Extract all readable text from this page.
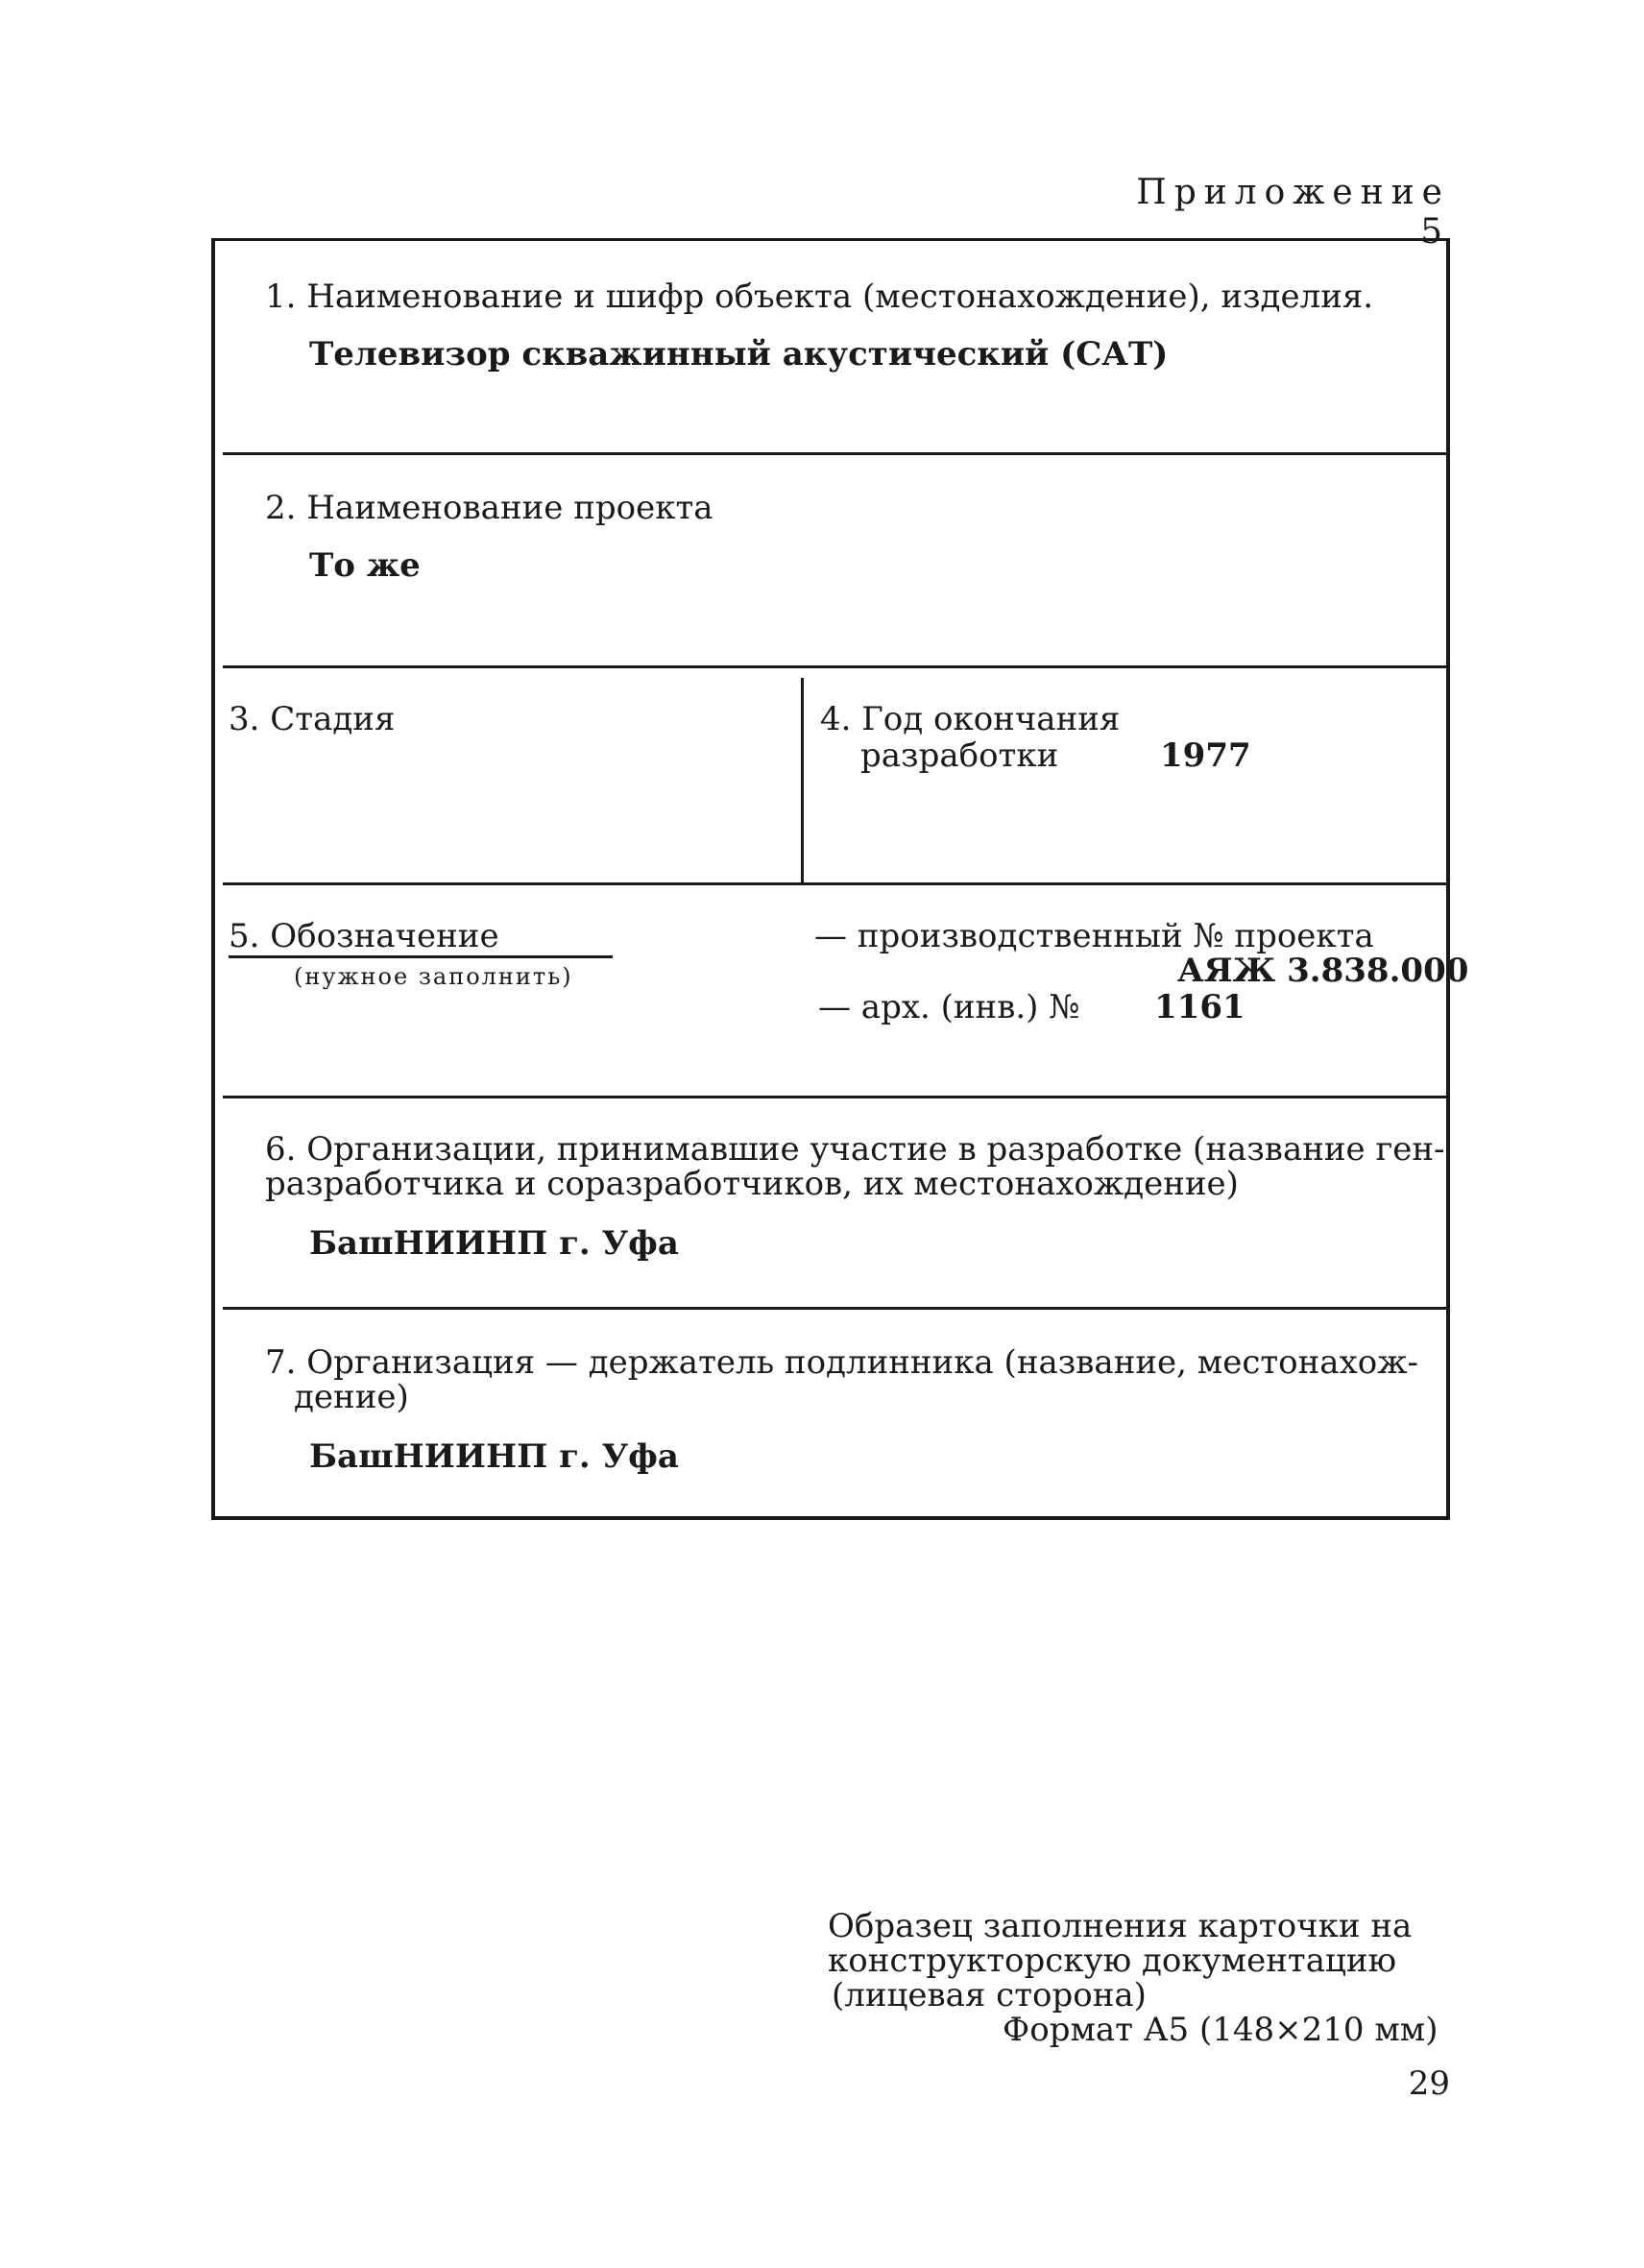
Приложение 5
1. Наименование и шифр объекта (местонахождение), изделия.
Телевизор скважинный акустический (САТ)
2. Наименование проекта
То же
3. Стадия	4. Год окончания
разработки	1977
5. Обозначение
(нужное заполнить)
— производственный № проекта
АЯЖ 3.838.000
— арх. (инв.) № 1161
6. Организации, принимавшие участие в разработке (название ген-
разработчика и соразработчиков, их местонахождение)
БашНИИНП г. Уфа
7. Организация — держатель подлинника (название, местонахож-
дение)
БашНИИНП г. Уфа
Образец заполнения карточки на
конструкторскую документацию
(лицевая сторона)
Формат А5 (148×210 мм)
29
